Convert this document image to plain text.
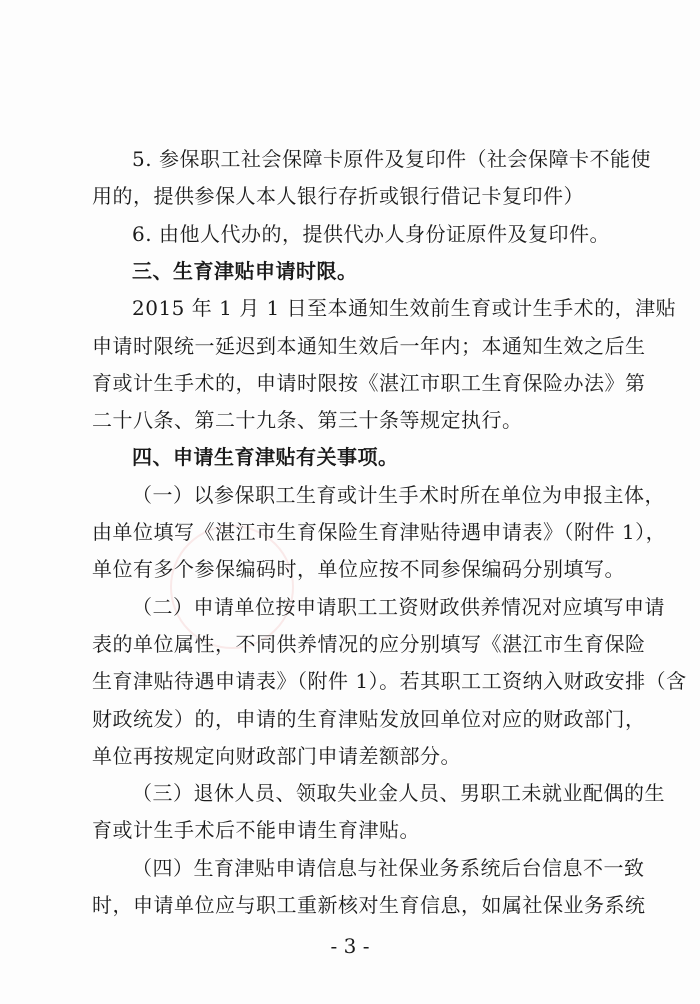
5. 参保职工社会保障卡原件及复印件（社会保障卡不能使
用的，提供参保人本人银行存折或银行借记卡复印件）
6. 由他人代办的，提供代办人身份证原件及复印件。
三、生育津贴申请时限。
2015 年 1 月 1 日至本通知生效前生育或计生手术的，津贴
申请时限统一延迟到本通知生效后一年内；本通知生效之后生
育或计生手术的，申请时限按《湛江市职工生育保险办法》第
二十八条、第二十九条、第三十条等规定执行。
四、申请生育津贴有关事项。
（一）以参保职工生育或计生手术时所在单位为申报主体，
由单位填写《湛江市生育保险生育津贴待遇申请表》（附件 1），
单位有多个参保编码时，单位应按不同参保编码分别填写。
（二）申请单位按申请职工工资财政供养情况对应填写申请
表的单位属性，不同供养情况的应分别填写《湛江市生育保险
生育津贴待遇申请表》（附件 1）。若其职工工资纳入财政安排（含
财政统发）的，申请的生育津贴发放回单位对应的财政部门，
单位再按规定向财政部门申请差额部分。
（三）退休人员、领取失业金人员、男职工未就业配偶的生
育或计生手术后不能申请生育津贴。
（四）生育津贴申请信息与社保业务系统后台信息不一致
时，申请单位应与职工重新核对生育信息，如属社保业务系统
- 3 -
